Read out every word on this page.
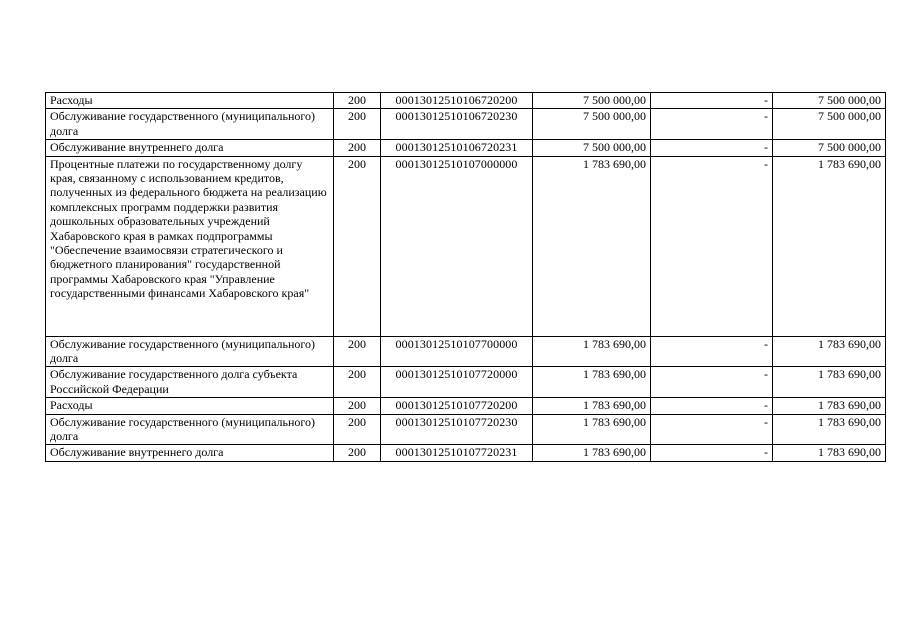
Расходы	200	00013012510106720200	7 500 000,00	-	7 500 000,00
Обслуживание государственного (муниципального) долга	200	00013012510106720230	7 500 000,00	-	7 500 000,00
Обслуживание внутреннего долга	200	00013012510106720231	7 500 000,00	-	7 500 000,00
Процентные платежи по государственному долгу края, связанному с использованием кредитов, полученных из федерального бюджета на реализацию комплексных программ поддержки развития дошкольных образовательных учреждений Хабаровского края в рамках подпрограммы "Обеспечение взаимосвязи стратегического и бюджетного планирования" государственной программы Хабаровского края "Управление государственными финансами Хабаровского края"	200	00013012510107000000	1 783 690,00	-	1 783 690,00
Обслуживание государственного (муниципального) долга	200	00013012510107700000	1 783 690,00	-	1 783 690,00
Обслуживание государственного долга субъекта Российской Федерации	200	00013012510107720000	1 783 690,00	-	1 783 690,00
Расходы	200	00013012510107720200	1 783 690,00	-	1 783 690,00
Обслуживание государственного (муниципального) долга	200	00013012510107720230	1 783 690,00	-	1 783 690,00
Обслуживание внутреннего долга	200	00013012510107720231	1 783 690,00	-	1 783 690,00
